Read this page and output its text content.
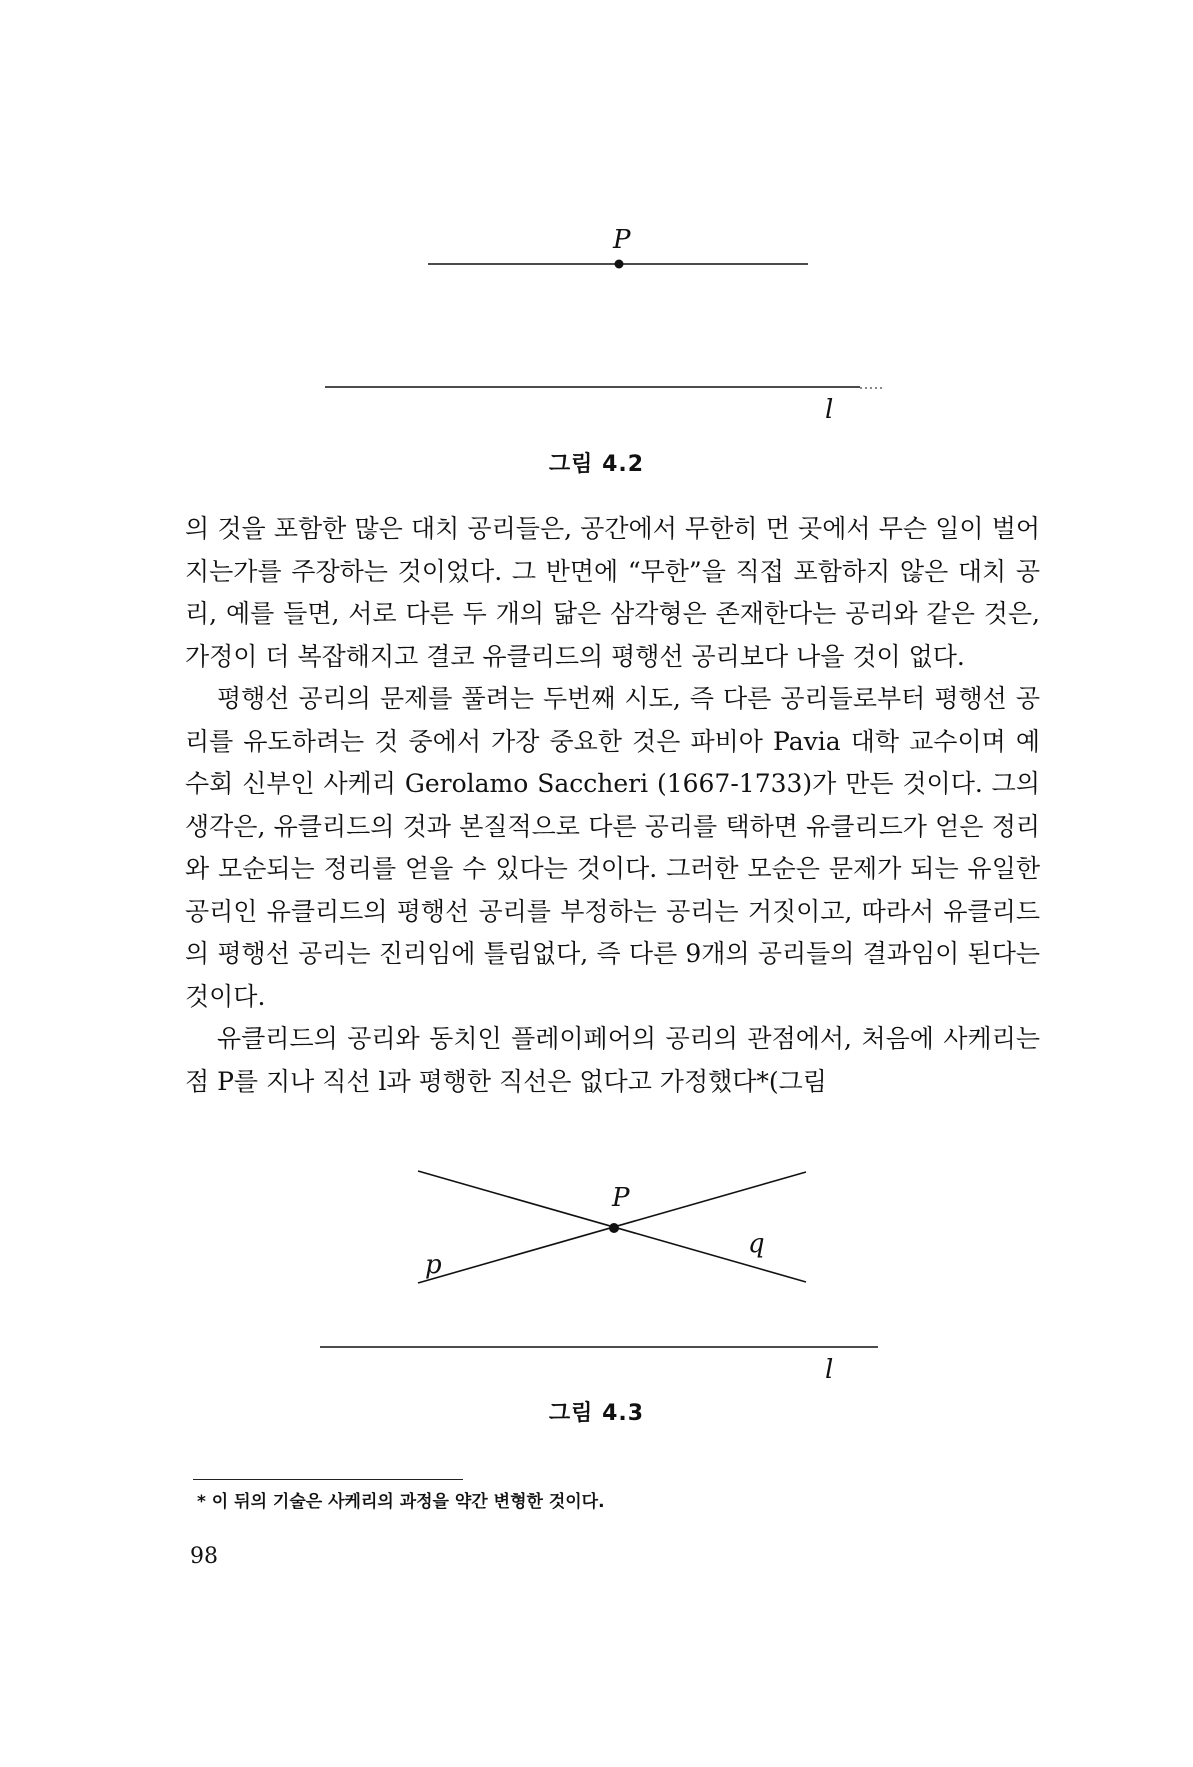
P
l
그림 4.2

의 것을 포함한 많은 대치 공리들은, 공간에서 무한히 먼 곳에서 무슨 일이 벌어지는가를 주장하는 것이었다. 그 반면에 “무한”을 직접 포함하지 않은 대치 공리, 예를 들면, 서로 다른 두 개의 닮은 삼각형은 존재한다는 공리와 같은 것은, 가정이 더 복잡해지고 결코 유클리드의 평행선 공리보다 나을 것이 없다.

평행선 공리의 문제를 풀려는 두번째 시도, 즉 다른 공리들로부터 평행선 공리를 유도하려는 것 중에서 가장 중요한 것은 파비아 Pavia 대학 교수이며 예수회 신부인 사케리 Gerolamo Saccheri (1667-1733)가 만든 것이다. 그의 생각은, 유클리드의 것과 본질적으로 다른 공리를 택하면 유클리드가 얻은 정리와 모순되는 정리를 얻을 수 있다는 것이다. 그러한 모순은 문제가 되는 유일한 공리인 유클리드의 평행선 공리를 부정하는 공리는 거짓이고, 따라서 유클리드의 평행선 공리는 진리임에 틀림없다, 즉 다른 9개의 공리들의 결과임이 된다는 것이다.

유클리드의 공리와 동치인 플레이페어의 공리의 관점에서, 처음에 사케리는 점 P를 지나 직선 l과 평행한 직선은 없다고 가정했다*(그림

P
p
q
l
그림 4.3
* 이 뒤의 기술은 사케리의 과정을 약간 변형한 것이다.
98
